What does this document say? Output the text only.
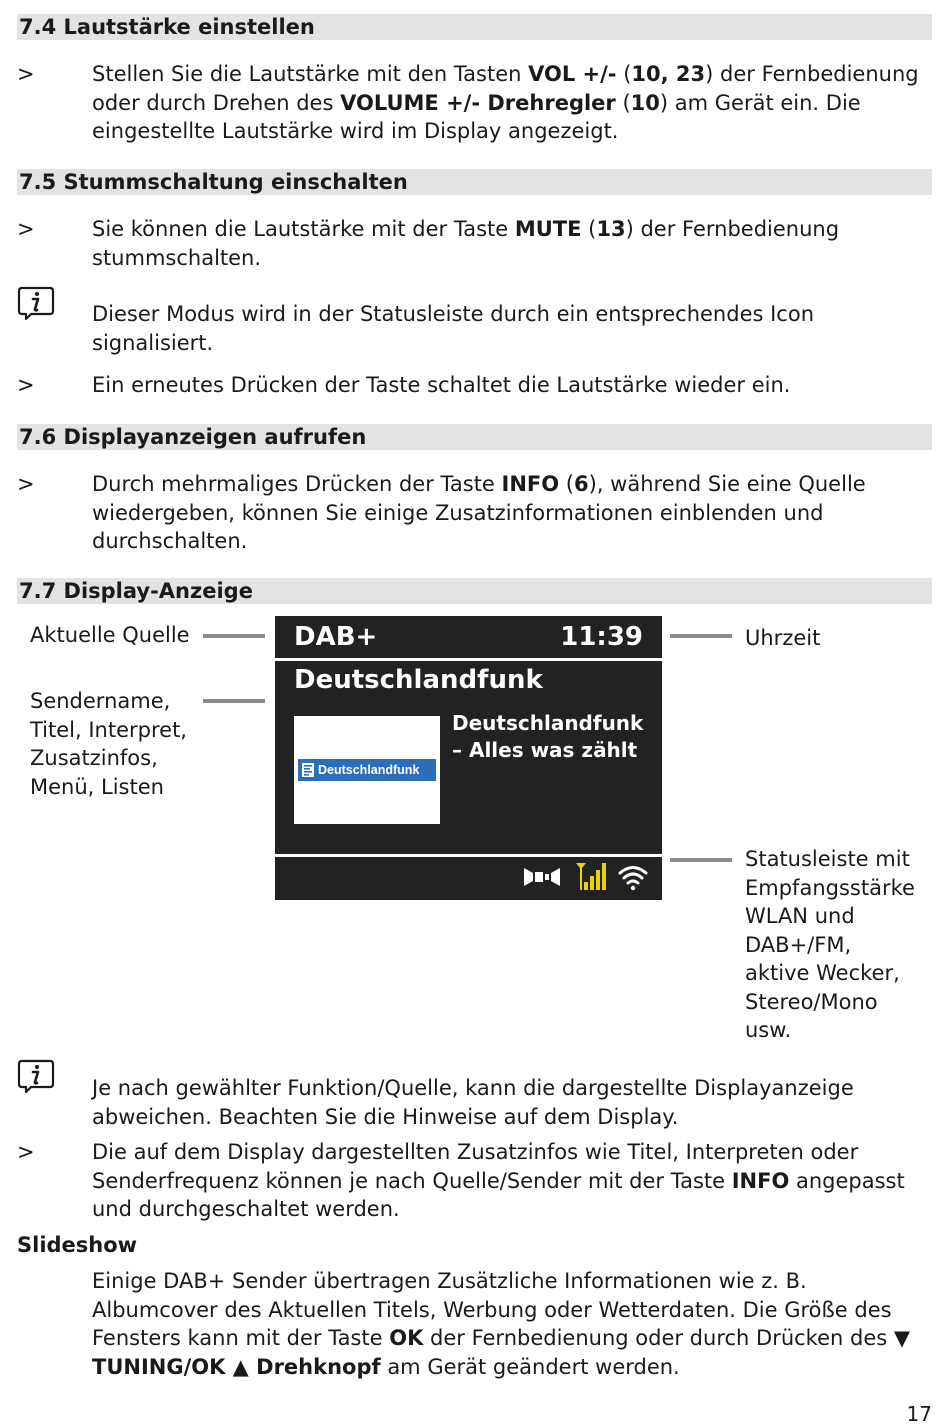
7.4 Lautstärke einstellen
>	Stellen Sie die Lautstärke mit den Tasten VOL +/- (10, 23) der Fernbedienung oder durch Drehen des VOLUME +/- Drehregler (10) am Gerät ein. Die eingestellte Lautstärke wird im Display angezeigt.
7.5 Stummschaltung einschalten
>	Sie können die Lautstärke mit der Taste MUTE (13) der Fernbedienung stummschalten.
Dieser Modus wird in der Statusleiste durch ein entsprechendes Icon signalisiert.
>	Ein erneutes Drücken der Taste schaltet die Lautstärke wieder ein.
7.6 Displayanzeigen aufrufen
>	Durch mehrmaliges Drücken der Taste INFO (6), während Sie eine Quelle wiedergeben, können Sie einige Zusatzinformationen einblenden und durchschalten.
7.7 Display-Anzeige
Aktuelle Quelle
Sendername,
Titel, Interpret,
Zusatzinfos,
Menü, Listen
Uhrzeit
Statusleiste mit
Empfangsstärke
WLAN und
DAB+/FM,
aktive Wecker,
Stereo/Mono
usw.
DAB+	11:39
Deutschlandfunk
Deutschlandfunk
Deutschlandfunk
– Alles was zählt
Je nach gewählter Funktion/Quelle, kann die dargestellte Displayanzeige abweichen. Beachten Sie die Hinweise auf dem Display.
>	Die auf dem Display dargestellten Zusatzinfos wie Titel, Interpreten oder Senderfrequenz können je nach Quelle/Sender mit der Taste INFO angepasst und durchgeschaltet werden.
Slideshow
Einige DAB+ Sender übertragen Zusätzliche Informationen wie z. B. Albumcover des Aktuellen Titels, Werbung oder Wetterdaten. Die Größe des Fensters kann mit der Taste OK der Fernbedienung oder durch Drücken des ▼ TUNING/OK ▲ Drehknopf am Gerät geändert werden.
17
